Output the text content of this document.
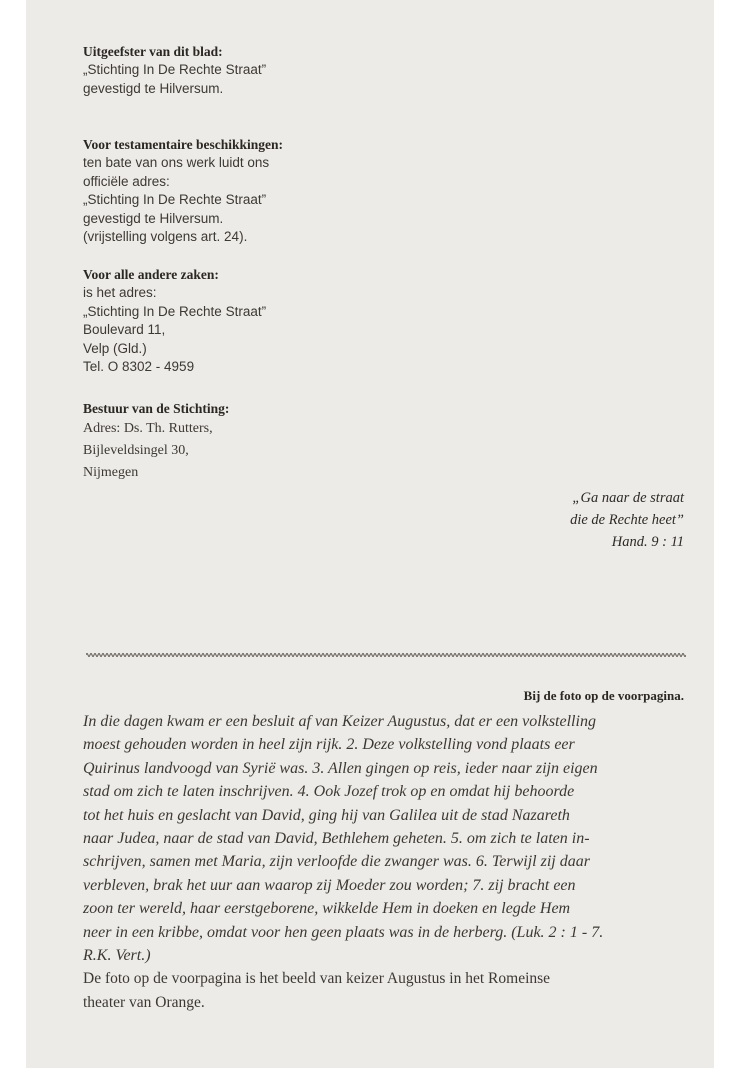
Uitgeefster van dit blad:
„Stichting In De Rechte Straat”
gevestigd te Hilversum.
Voor testamentaire beschikkingen:
ten bate van ons werk luidt ons
officiële adres:
„Stichting In De Rechte Straat”
gevestigd te Hilversum.
(vrijstelling volgens art. 24).
Voor alle andere zaken:
is het adres:
„Stichting In De Rechte Straat”
Boulevard 11,
Velp (Gld.)
Tel. O 8302 - 4959
Bestuur van de Stichting:
Adres: Ds. Th. Rutters,
Bijleveldsingel 30,
Nijmegen
„Ga naar de straat
die de Rechte heet”
Hand. 9 : 11
Bij de foto op de voorpagina.
In die dagen kwam er een besluit af van Keizer Augustus, dat er een volkstelling
moest gehouden worden in heel zijn rijk. 2. Deze volkstelling vond plaats eer
Quirinus landvoogd van Syrië was. 3. Allen gingen op reis, ieder naar zijn eigen
stad om zich te laten inschrijven. 4. Ook Jozef trok op en omdat hij behoorde
tot het huis en geslacht van David, ging hij van Galilea uit de stad Nazareth
naar Judea, naar de stad van David, Bethlehem geheten. 5. om zich te laten in-
schrijven, samen met Maria, zijn verloofde die zwanger was. 6. Terwijl zij daar
verbleven, brak het uur aan waarop zij Moeder zou worden; 7. zij bracht een
zoon ter wereld, haar eerstgeborene, wikkelde Hem in doeken en legde Hem
neer in een kribbe, omdat voor hen geen plaats was in de herberg. (Luk. 2 : 1 - 7.
R.K. Vert.)
De foto op de voorpagina is het beeld van keizer Augustus in het Romeinse
theater van Orange.
